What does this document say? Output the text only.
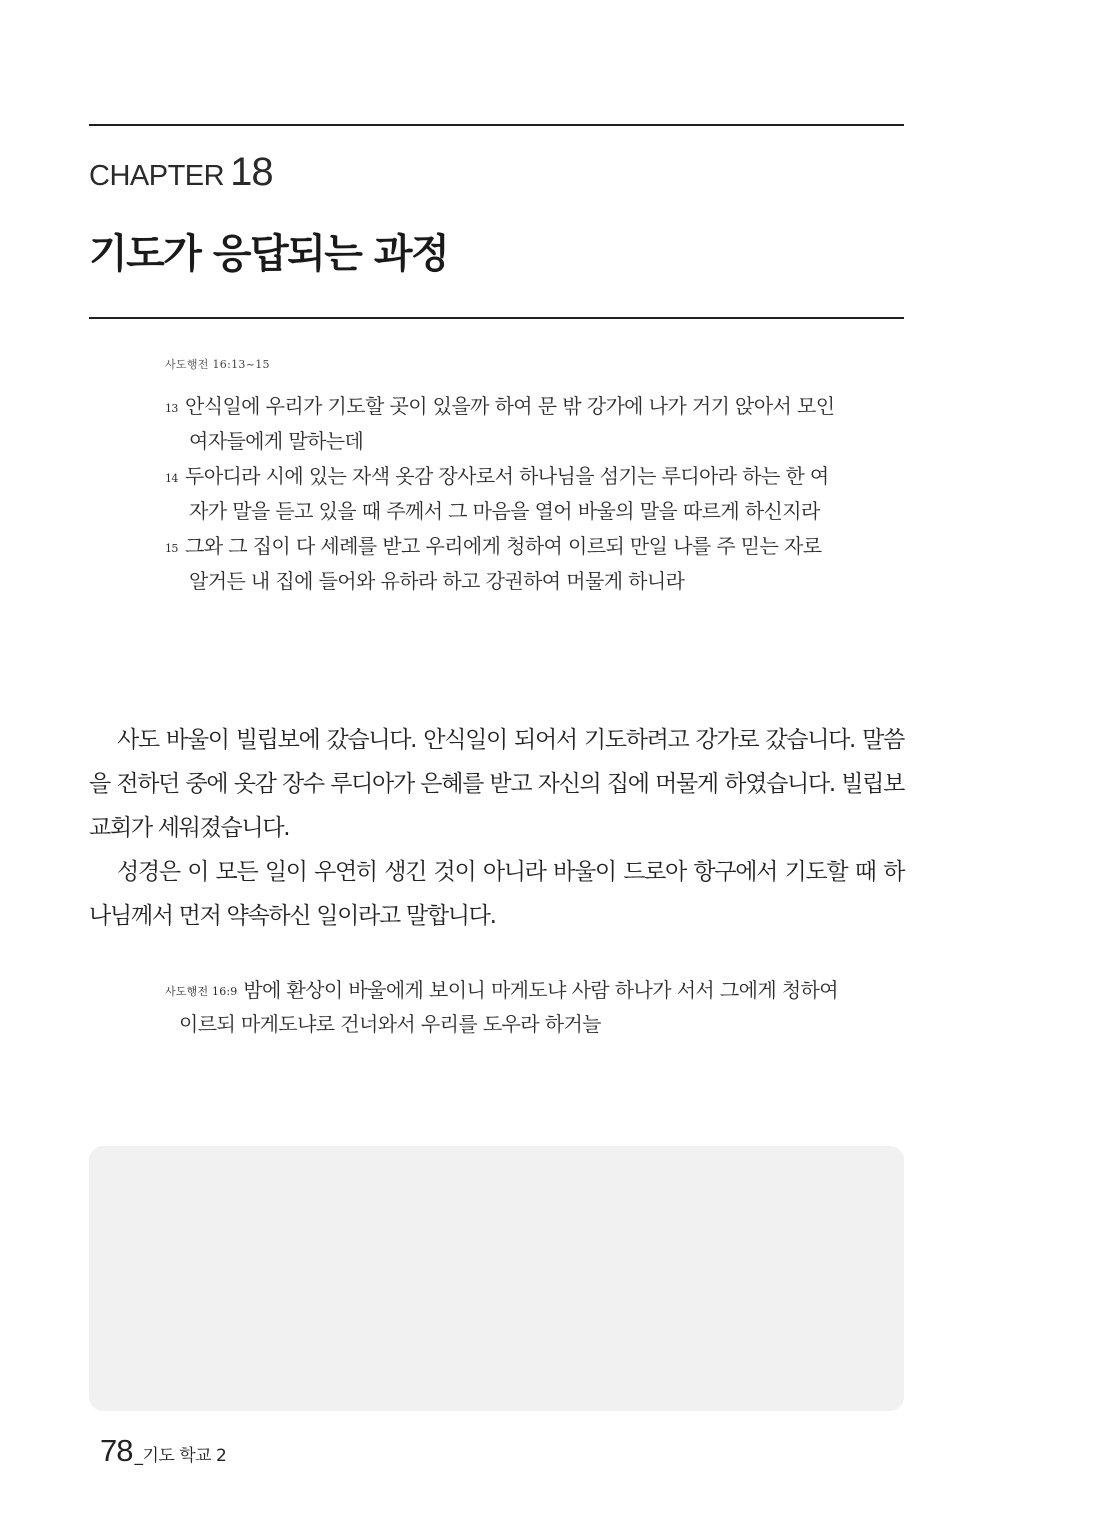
CHAPTER 18
기도가 응답되는 과정
사도행전 16:13~15
13 안식일에 우리가 기도할 곳이 있을까 하여 문 밖 강가에 나가 거기 앉아서 모인 여자들에게 말하는데
14 두아디라 시에 있는 자색 옷감 장사로서 하나님을 섬기는 루디아라 하는 한 여자가 말을 듣고 있을 때 주께서 그 마음을 열어 바울의 말을 따르게 하신지라
15 그와 그 집이 다 세례를 받고 우리에게 청하여 이르되 만일 나를 주 믿는 자로 알거든 내 집에 들어와 유하라 하고 강권하여 머물게 하니라

사도 바울이 빌립보에 갔습니다. 안식일이 되어서 기도하려고 강가로 갔습니다. 말씀을 전하던 중에 옷감 장수 루디아가 은혜를 받고 자신의 집에 머물게 하였습니다. 빌립보 교회가 세워졌습니다.

성경은 이 모든 일이 우연히 생긴 것이 아니라 바울이 드로아 항구에서 기도할 때 하나님께서 먼저 약속하신 일이라고 말합니다.

$^{사도행전 16:9}$ 밤에 환상이 바울에게 보이니 마게도냐 사람 하나가 서서 그에게 청하여 이르되 마게도냐로 건너와서 우리를 도우라 하거늘
78 _기도 학교 2
